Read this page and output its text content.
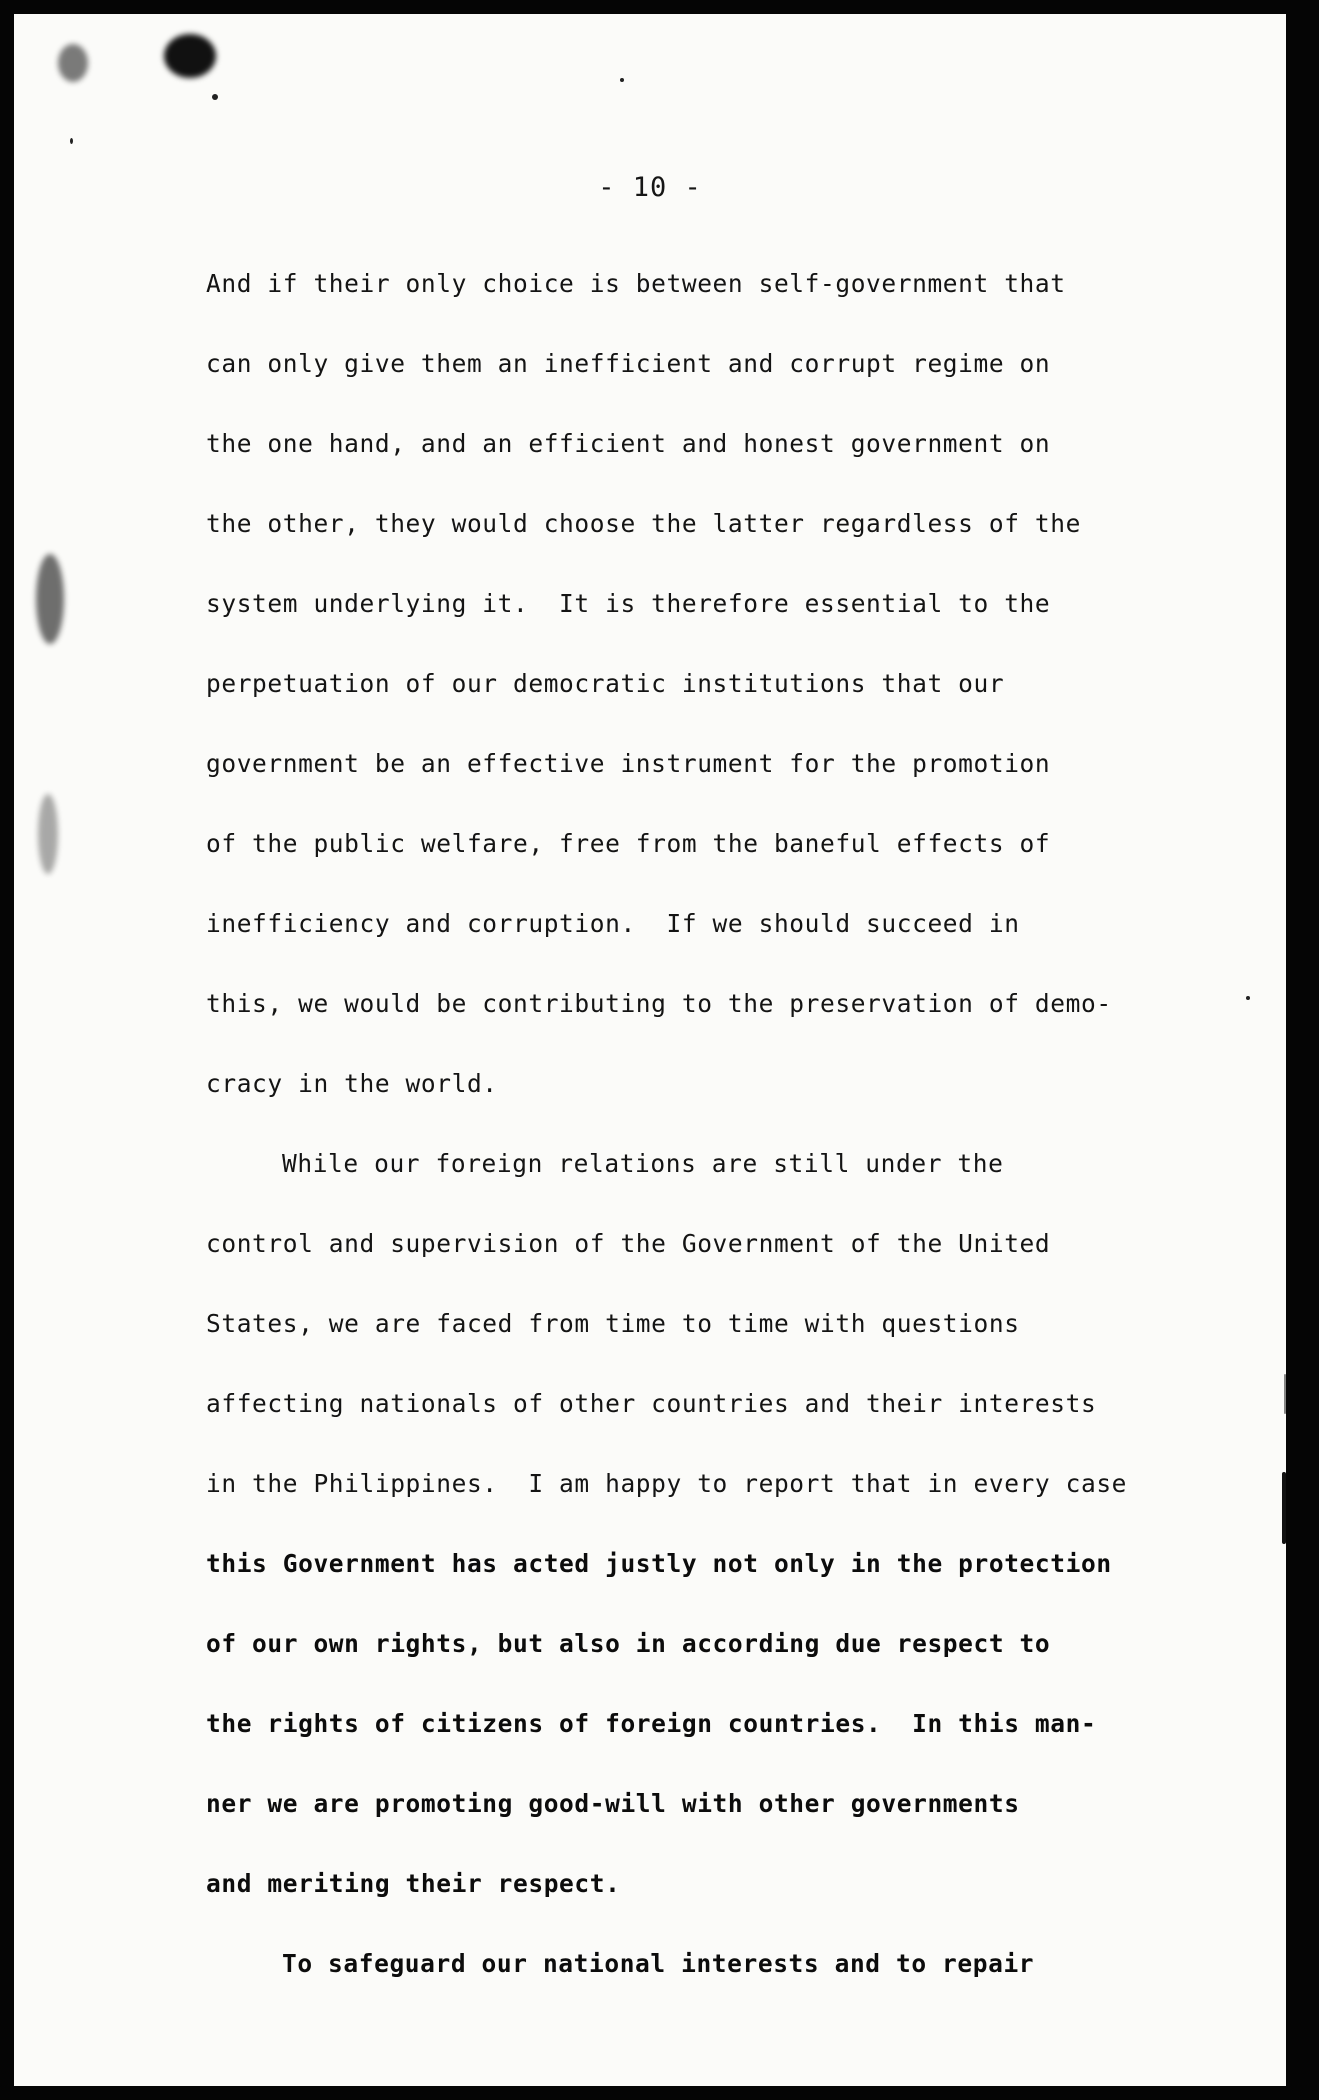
- 10 -
And if their only choice is between self-government that
can only give them an inefficient and corrupt regime on
the one hand, and an efficient and honest government on
the other, they would choose the latter regardless of the
system underlying it.  It is therefore essential to the
perpetuation of our democratic institutions that our
government be an effective instrument for the promotion
of the public welfare, free from the baneful effects of
inefficiency and corruption.  If we should succeed in
this, we would be contributing to the preservation of demo-
cracy in the world.
While our foreign relations are still under the
control and supervision of the Government of the United
States, we are faced from time to time with questions
affecting nationals of other countries and their interests
in the Philippines.  I am happy to report that in every case
this Government has acted justly not only in the protection
of our own rights, but also in according due respect to
the rights of citizens of foreign countries.  In this man-
ner we are promoting good-will with other governments
and meriting their respect.
To safeguard our national interests and to repair
